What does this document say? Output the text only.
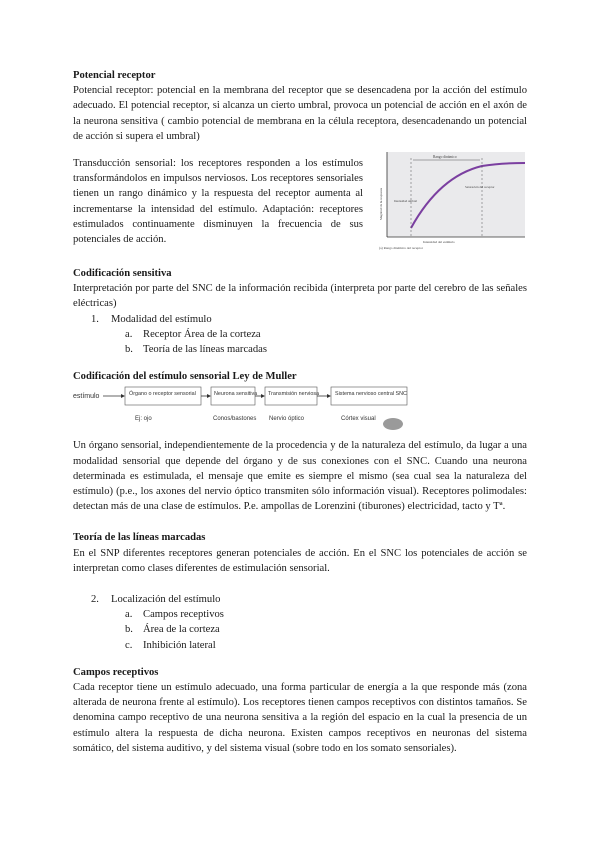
Potencial receptor

Potencial receptor: potencial en la membrana del receptor que se desencadena por la acción del estímulo adecuado. El potencial receptor, si alcanza un cierto umbral, provoca un potencial de acción en el axón de la neurona sensitiva ( cambio potencial de membrana en la célula receptora, desencadenando un potencial de acción si supera el umbral)

Transducción sensorial: los receptores responden a los estímulos transformándolos en impulsos nerviosos. Los receptores sensoriales tienen un rango dinámico y la respuesta del receptor aumenta al incrementarse la intensidad del estímulo. Adaptación: receptores estimulados continuamente disminuyen la frecuencia de sus potenciales de acción.

Rango dinámico
Intensidad umbral
Saturación del receptor
Magnitud de la respuesta
Intensidad del estímulo
(a) Rango dinámico del receptor

Codificación sensitiva

Interpretación por parte del SNC de la información recibida (interpreta por parte del cerebro de las señales eléctricas)

1. Modalidad del estímulo
a. Receptor Área de la corteza
b. Teoría de las líneas marcadas

Codificación del estímulo sensorial Ley de Muller

estímulo	Órgano o receptor sensorial	Neurona sensitiva Transmisión nerviosa	Sistema nervioso central SNC
Ej: ojo	Conos/bastones Nervio óptico	Córtex visual

Un órgano sensorial, independientemente de la procedencia y de la naturaleza del estímulo, da lugar a una modalidad sensorial que depende del órgano y de sus conexiones con el SNC. Cuando una neurona determinada es estimulada, el mensaje que emite es siempre el mismo (sea cual sea la naturaleza del estímulo) (p.e., los axones del nervio óptico transmiten sólo información visual). Receptores polimodales: detectan más de una clase de estímulos. P.e. ampollas de Lorenzini (tiburones) electricidad, tacto y Tª.

Teoría de las líneas marcadas

En el SNP diferentes receptores generan potenciales de acción. En el SNC los potenciales de acción se interpretan como clases diferentes de estimulación sensorial.

2. Localización del estímulo
a. Campos receptivos
b. Área de la corteza
c. Inhibición lateral

Campos receptivos

Cada receptor tiene un estímulo adecuado, una forma particular de energía a la que responde más (zona alterada de neurona frente al estímulo). Los receptores tienen campos receptivos con distintos tamaños. Se denomina campo receptivo de una neurona sensitiva a la región del espacio en la cual la presencia de un estímulo altera la respuesta de dicha neurona. Existen campos receptivos en neuronas del sistema somático, del sistema auditivo, y del sistema visual (sobre todo en los somato sensoriales).
